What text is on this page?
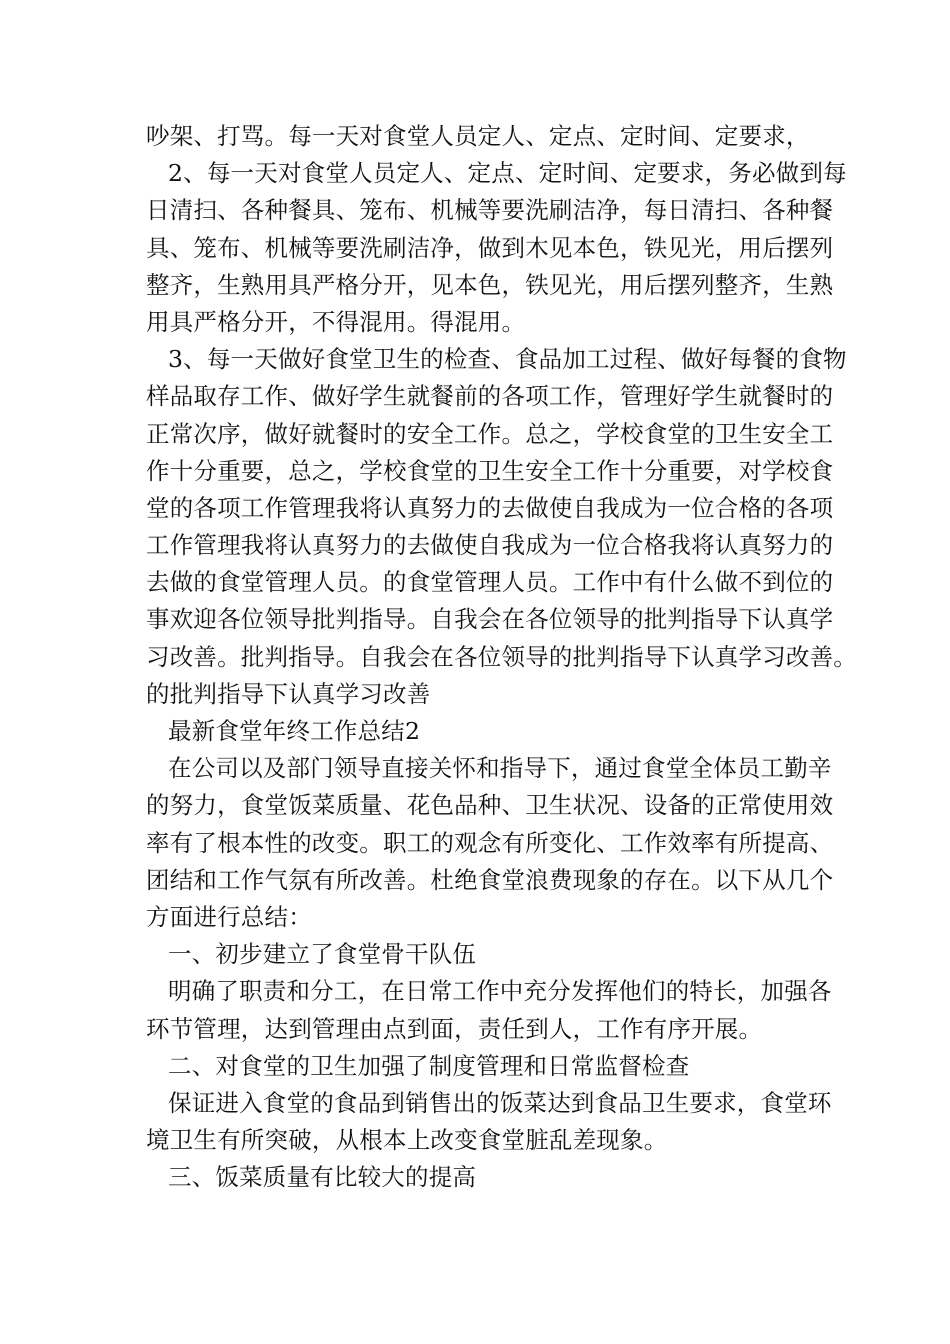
吵架、打骂。每一天对食堂人员定人、定点、定时间、定要求，
2、每一天对食堂人员定人、定点、定时间、定要求，务必做到每
日清扫、各种餐具、笼布、机械等要洗刷洁净，每日清扫、各种餐
具、笼布、机械等要洗刷洁净，做到木见本色，铁见光，用后摆列
整齐，生熟用具严格分开，见本色，铁见光，用后摆列整齐，生熟
用具严格分开，不得混用。得混用。
3、每一天做好食堂卫生的检查、食品加工过程、做好每餐的食物
样品取存工作、做好学生就餐前的各项工作，管理好学生就餐时的
正常次序，做好就餐时的安全工作。总之，学校食堂的卫生安全工
作十分重要，总之，学校食堂的卫生安全工作十分重要，对学校食
堂的各项工作管理我将认真努力的去做使自我成为一位合格的各项
工作管理我将认真努力的去做使自我成为一位合格我将认真努力的
去做的食堂管理人员。的食堂管理人员。工作中有什么做不到位的
事欢迎各位领导批判指导。自我会在各位领导的批判指导下认真学
习改善。批判指导。自我会在各位领导的批判指导下认真学习改善。
的批判指导下认真学习改善
最新食堂年终工作总结2
在公司以及部门领导直接关怀和指导下，通过食堂全体员工勤辛
的努力，食堂饭菜质量、花色品种、卫生状况、设备的正常使用效
率有了根本性的改变。职工的观念有所变化、工作效率有所提高、
团结和工作气氛有所改善。杜绝食堂浪费现象的存在。以下从几个
方面进行总结：
一、初步建立了食堂骨干队伍
明确了职责和分工，在日常工作中充分发挥他们的特长，加强各
环节管理，达到管理由点到面，责任到人，工作有序开展。
二、对食堂的卫生加强了制度管理和日常监督检查
保证进入食堂的食品到销售出的饭菜达到食品卫生要求，食堂环
境卫生有所突破，从根本上改变食堂脏乱差现象。
三、饭菜质量有比较大的提高
